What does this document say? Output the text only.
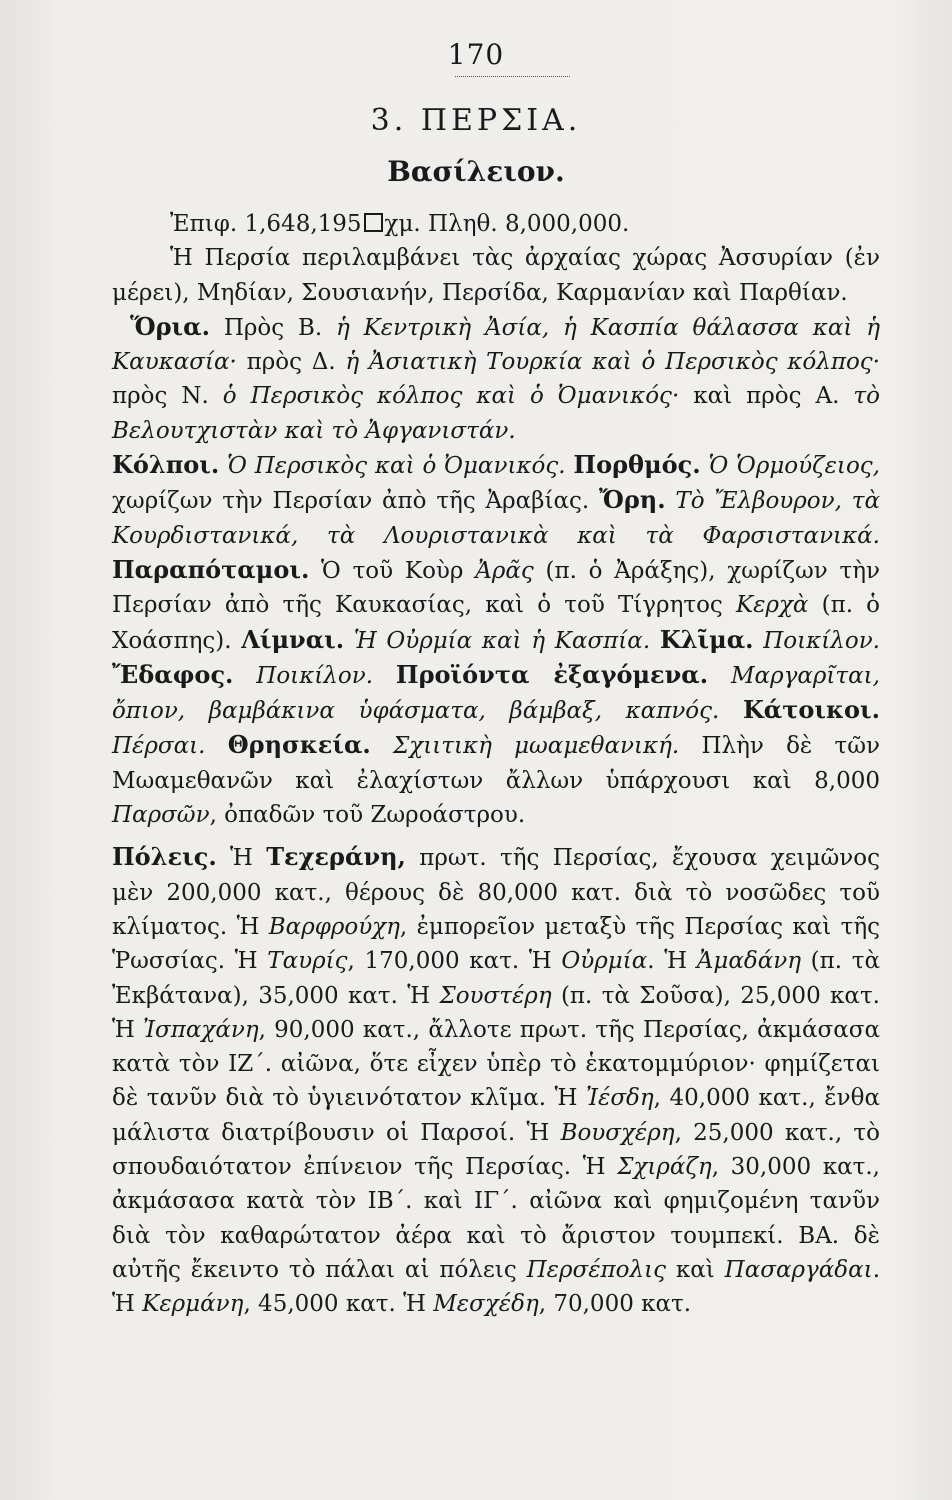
170
3. ΠΕΡΣΙΑ.
Βασίλειον.

Ἐπιφ. 1,648,195 χμ. Πληθ. 8,000,000.

Ἡ Περσία περιλαμβάνει τὰς ἀρχαίας χώρας Ἀσσυρίαν (ἐν μέρει), Μηδίαν, Σουσιανήν, Περσίδα, Καρμανίαν καὶ Παρθίαν.

Ὅρια. Πρὸς Β. ἡ Κεντρικὴ Ἀσία, ἡ Κασπία θάλασσα καὶ ἡ Καυκασία· πρὸς Δ. ἡ Ἀσιατικὴ Τουρκία καὶ ὁ Περσικὸς κόλπος· πρὸς Ν. ὁ Περσικὸς κόλπος καὶ ὁ Ὀμανικός· καὶ πρὸς Α. τὸ Βελουτχιστὰν καὶ τὸ Ἀφγανιστάν.

Κόλποι. Ὁ Περσικὸς καὶ ὁ Ὀμανικός. Πορθμός. Ὁ Ὁρμούζειος, χωρίζων τὴν Περσίαν ἀπὸ τῆς Ἀραβίας. Ὄρη. Τὸ Ἔλβουρον, τὰ Κουρδιστανικά, τὰ Λουριστανικὰ καὶ τὰ Φαρσιστανικά. Παραπόταμοι. Ὁ τοῦ Κοὺρ Ἀρᾶς (π. ὁ Ἀράξης), χωρίζων τὴν Περσίαν ἀπὸ τῆς Καυκασίας, καὶ ὁ τοῦ Τίγρητος Κερχὰ (π. ὁ Χοάσπης). Λίμναι. Ἡ Οὐρμία καὶ ἡ Κασπία. Κλῖμα. Ποικίλον. Ἔδαφος. Ποικίλον. Προϊόντα ἐξαγόμενα. Μαργαρῖται, ὄπιον, βαμβάκινα ὑφάσματα, βάμβαξ, καπνός. Κάτοικοι. Πέρσαι. Θρησκεία. Σχιιτικὴ μωαμεθανική. Πλὴν δὲ τῶν Μωαμεθανῶν καὶ ἐλαχίστων ἄλλων ὑπάρχουσι καὶ 8,000 Παρσῶν, ὀπαδῶν τοῦ Ζωροάστρου.

Πόλεις. Ἡ Τεχεράνη, πρωτ. τῆς Περσίας, ἔχουσα χειμῶνος μὲν 200,000 κατ., θέρους δὲ 80,000 κατ. διὰ τὸ νοσῶδες τοῦ κλίματος. Ἡ Βαρφρούχη, ἐμπορεῖον μεταξὺ τῆς Περσίας καὶ τῆς Ῥωσσίας. Ἡ Ταυρίς, 170,000 κατ. Ἡ Οὐρμία. Ἡ Ἀμαδάνη (π. τὰ Ἐκβάτανα), 35,000 κατ. Ἡ Σουστέρη (π. τὰ Σοῦσα), 25,000 κατ. Ἡ Ἰσπαχάνη, 90,000 κατ., ἄλλοτε πρωτ. τῆς Περσίας, ἀκμάσασα κατὰ τὸν ΙΖ΄. αἰῶνα, ὅτε εἶχεν ὑπὲρ τὸ ἑκατομμύριον· φημίζεται δὲ τανῦν διὰ τὸ ὑγιεινότατον κλῖμα. Ἡ Ἰέσδη, 40,000 κατ., ἔνθα μάλιστα διατρίβουσιν οἱ Παρσοί. Ἡ Βουσχέρη, 25,000 κατ., τὸ σπουδαιότατον ἐπίνειον τῆς Περσίας. Ἡ Σχιράζη, 30,000 κατ., ἀκμάσασα κατὰ τὸν ΙΒ΄. καὶ ΙΓ΄. αἰῶνα καὶ φημιζομένη τανῦν διὰ τὸν καθαρώτατον ἀέρα καὶ τὸ ἄριστον τουμπεκί. ΒΑ. δὲ αὐτῆς ἔκειντο τὸ πάλαι αἱ πόλεις Περσέπολις καὶ Πασαργάδαι. Ἡ Κερμάνη, 45,000 κατ. Ἡ Μεσχέδη, 70,000 κατ.
